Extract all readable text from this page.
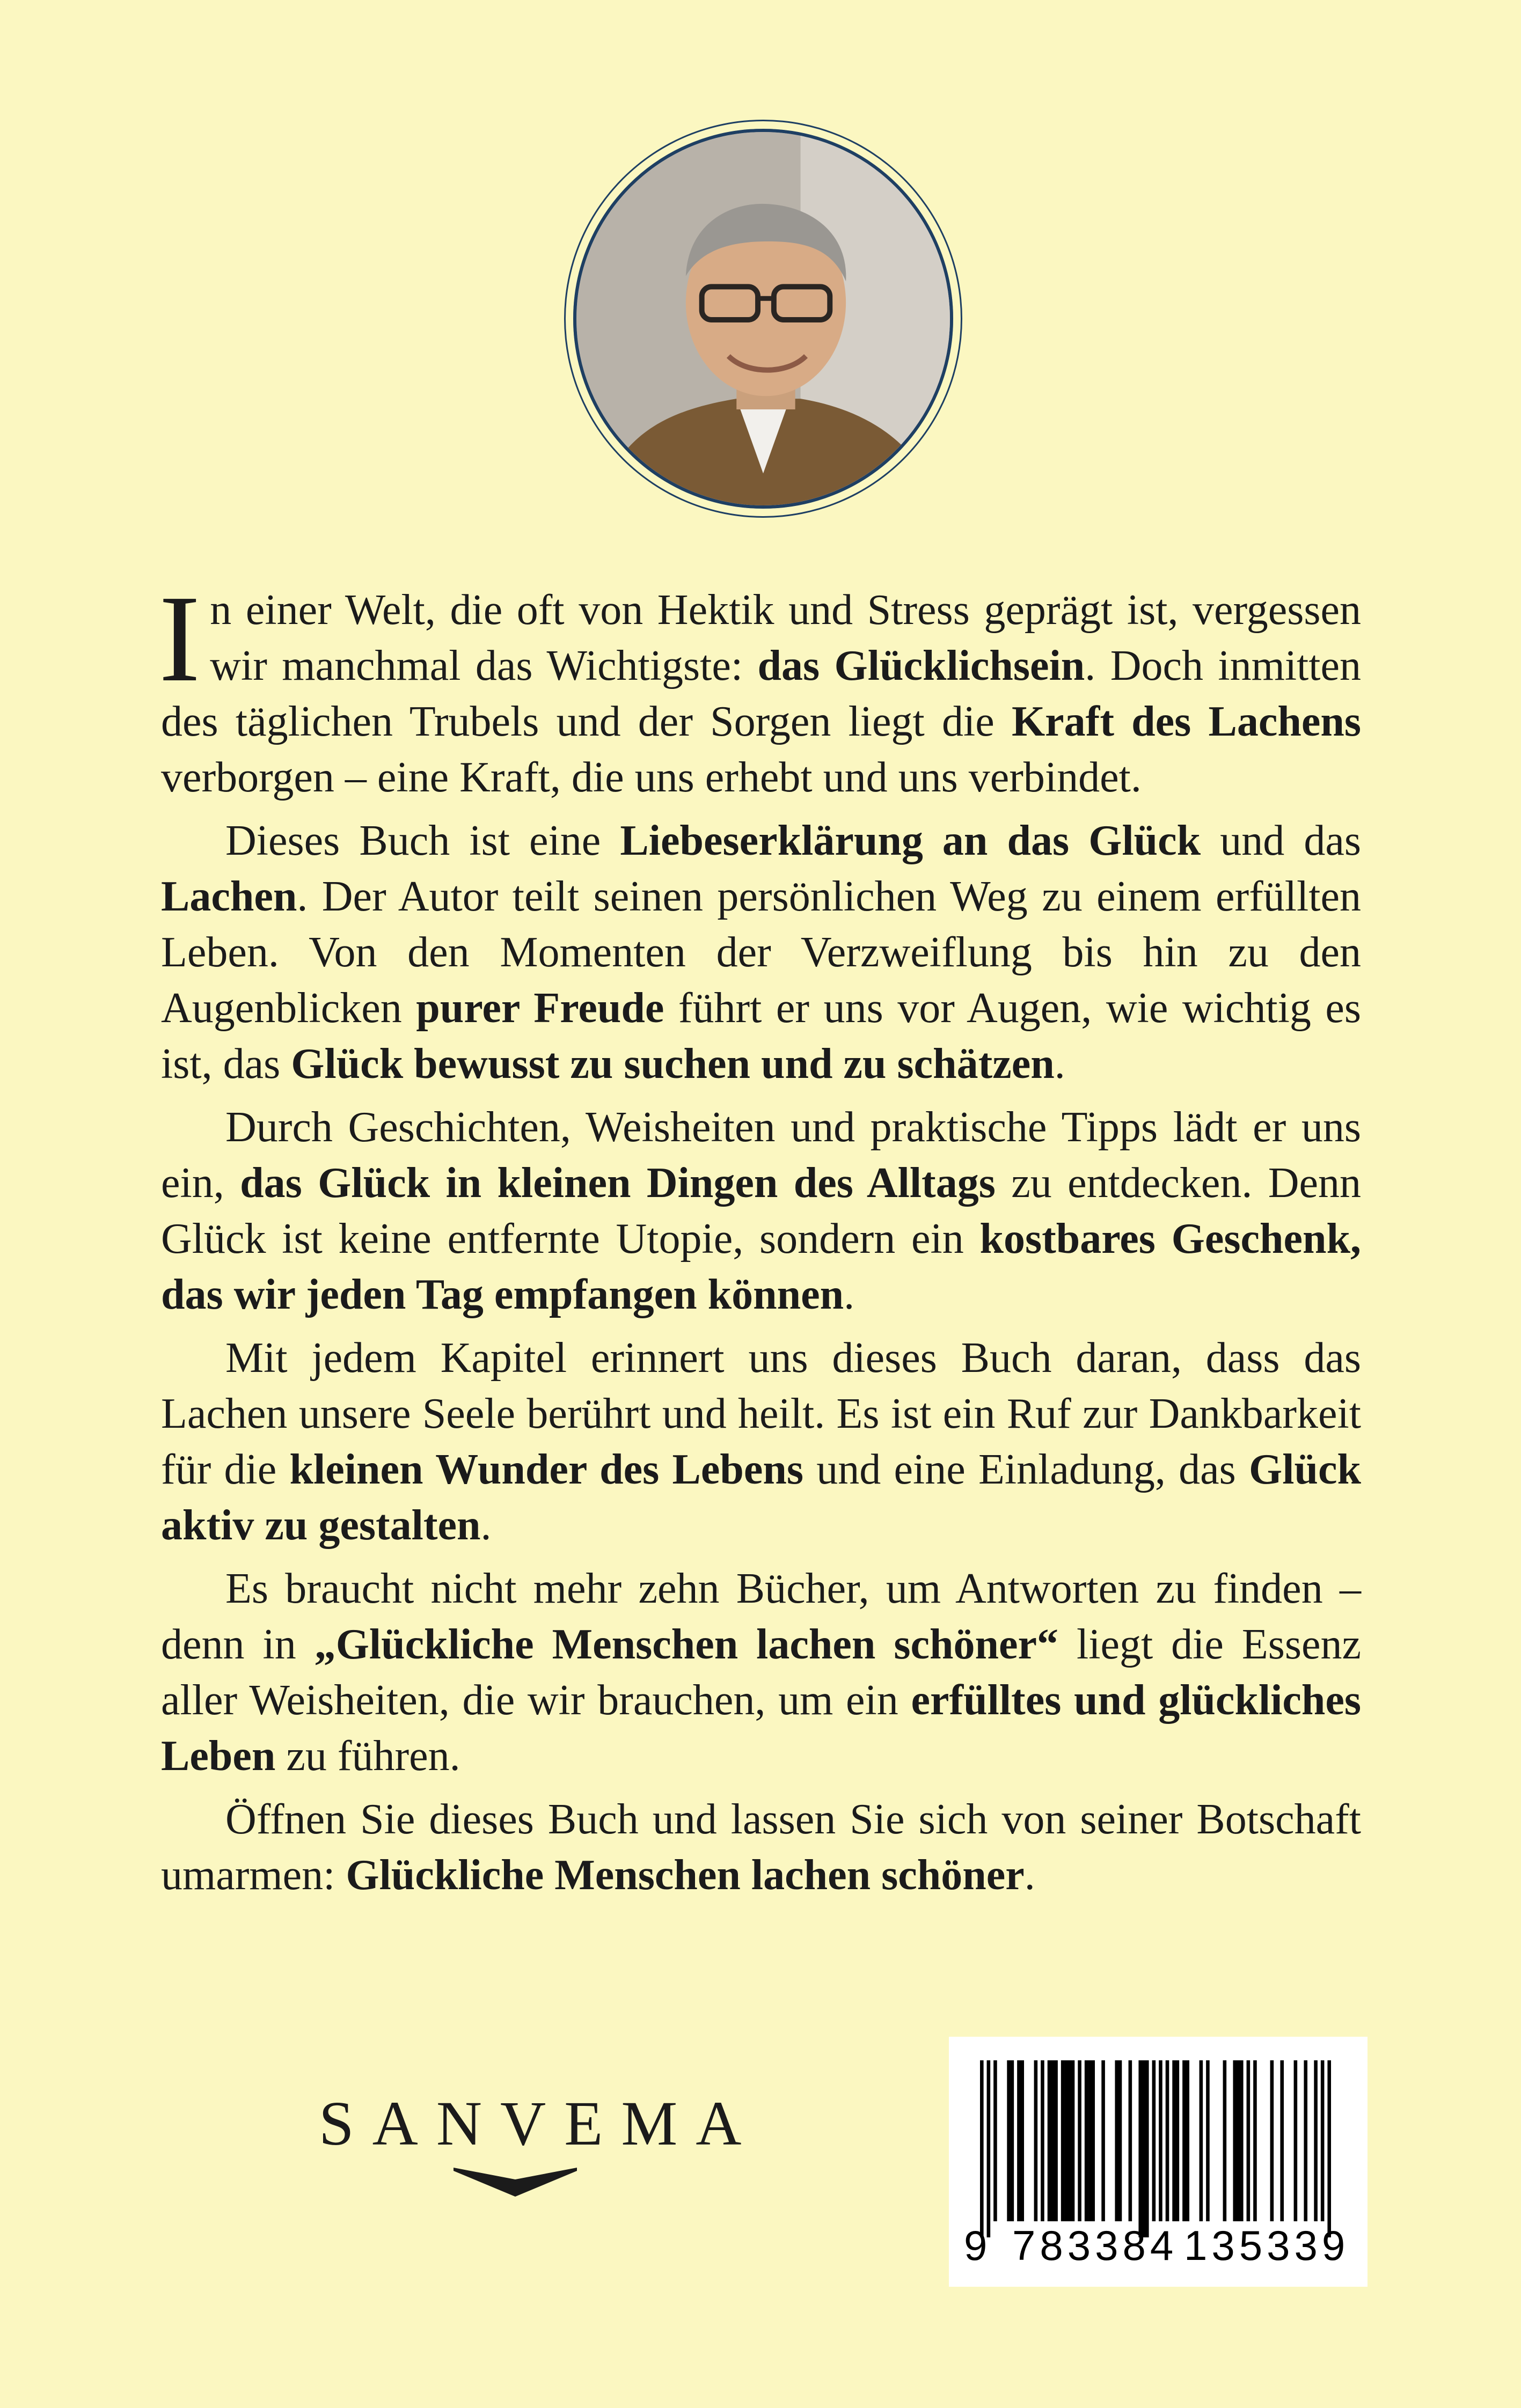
In einer Welt, die oft von Hektik und Stress geprägt ist, vergessen wir manchmal das Wichtigste: das Glücklichsein. Doch inmitten des täglichen Trubels und der Sorgen liegt die Kraft des Lachens verborgen – eine Kraft, die uns erhebt und uns verbindet.

Dieses Buch ist eine Liebeserklärung an das Glück und das Lachen. Der Autor teilt seinen persönlichen Weg zu einem erfüllten Leben. Von den Momenten der Verzweiflung bis hin zu den Augenblicken purer Freude führt er uns vor Augen, wie wichtig es ist, das Glück bewusst zu suchen und zu schätzen.

Durch Geschichten, Weisheiten und praktische Tipps lädt er uns ein, das Glück in kleinen Dingen des Alltags zu entdecken. Denn Glück ist keine entfernte Utopie, sondern ein kostbares Geschenk, das wir jeden Tag empfangen können.

Mit jedem Kapitel erinnert uns dieses Buch daran, dass das Lachen unsere Seele berührt und heilt. Es ist ein Ruf zur Dankbarkeit für die kleinen Wunder des Lebens und eine Einladung, das Glück aktiv zu gestalten.

Es braucht nicht mehr zehn Bücher, um Antworten zu finden – denn in „Glückliche Menschen lachen schöner“ liegt die Essenz aller Weisheiten, die wir brauchen, um ein erfülltes und glückliches Leben zu führen.

Öffnen Sie dieses Buch und lassen Sie sich von seiner Botschaft umarmen: Glückliche Menschen lachen schöner.

SANVEMA
9 783384 135339
